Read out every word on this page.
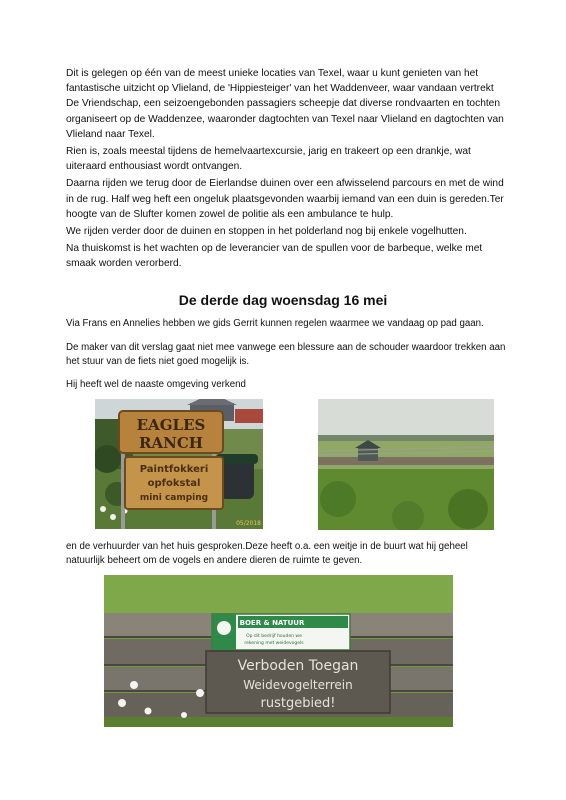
Dit is gelegen op één van de meest unieke locaties van Texel, waar u kunt genieten van het fantastische uitzicht op Vlieland, de 'Hippiesteiger' van het Waddenveer, waar vandaan vertrekt De Vriendschap, een seizoengebonden passagiers scheepje dat diverse rondvaarten en tochten organiseert op de Waddenzee, waaronder dagtochten van Texel naar Vlieland en dagtochten van Vlieland naar Texel.

Rien is, zoals meestal tijdens de hemelvaartexcursie, jarig en trakeert op een drankje, wat uiteraard enthousiast wordt ontvangen.

Daarna rijden we terug door de Eierlandse duinen over een afwisselend parcours en met de wind in de rug. Half weg heft een ongeluk plaatsgevonden waarbij iemand van een duin is gereden.Ter hoogte van de Slufter komen zowel de politie als een ambulance te hulp.

We rijden verder door de duinen en stoppen in het polderland nog bij enkele vogelhutten.

Na thuiskomst is het wachten op de leverancier van de spullen voor de barbeque, welke met smaak worden verorberd.

De derde dag woensdag 16 mei

Via Frans en Annelies hebben we gids Gerrit kunnen regelen waarmee we vandaag op pad gaan.

De maker van dit verslag gaat niet mee vanwege een blessure aan de schouder waardoor trekken aan het stuur van de fiets niet goed mogelijk is.

Hij heeft wel de naaste omgeving verkend

EAGLES
RANCH
Paintfokkeri
opfokstal
mini camping
05/2018

en de verhuurder van het huis gesproken.Deze heeft o.a. een weitje in de buurt wat hij geheel natuurlijk beheert om de vogels en andere dieren de ruimte te geven.

BOER & NATUUR
Op dit bedrijf houden we
rekening met weidevogels
Verboden Toegan
Weidevogelterrein
rustgebied!
